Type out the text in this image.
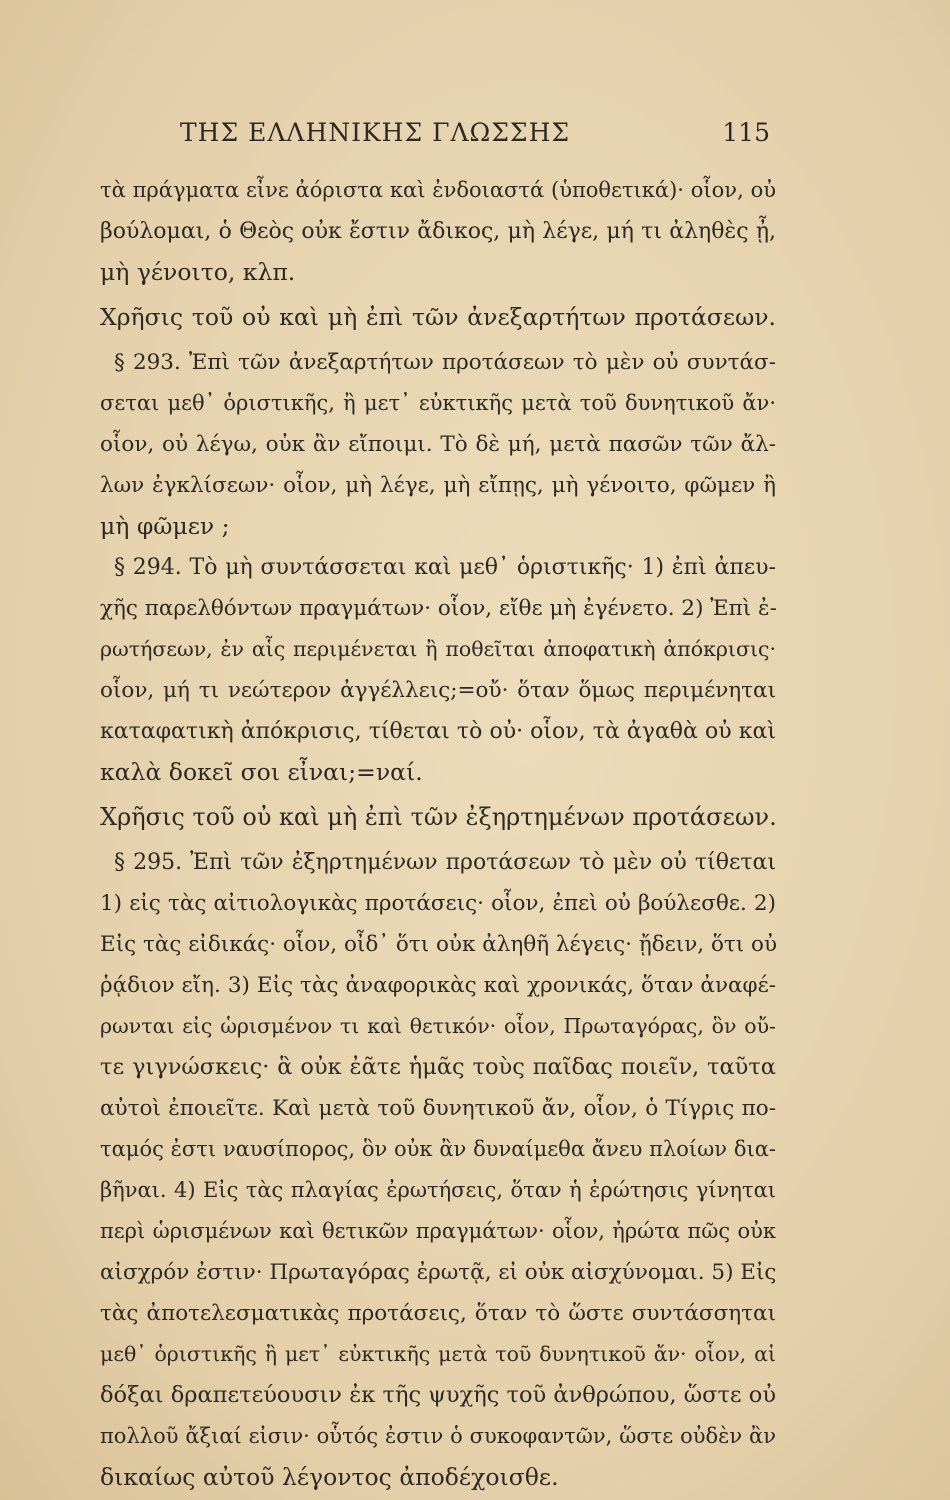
ΤΗΣ ΕΛΛΗΝΙΚΗΣ ΓΛΩΣΣΗΣ	115
τὰ πράγματα εἶνε ἀόριστα καὶ ἐνδοιαστά (ὑποθετικά)· οἷον, οὐ
βούλομαι, ὁ Θεὸς οὐκ ἔστιν ἄδικος, μὴ λέγε, μή τι ἀληθὲς ᾖ,
μὴ γένοιτο, κλπ.
Χρῆσις τοῦ οὐ καὶ μὴ ἐπὶ τῶν ἀνεξαρτήτων προτάσεων.
§ 293. Ἐπὶ τῶν ἀνεξαρτήτων προτάσεων τὸ μὲν οὐ συντάσ-
σεται μεθ᾽ ὁριστικῆς, ἢ μετ᾽ εὐκτικῆς μετὰ τοῦ δυνητικοῦ ἄν·
οἷον, οὐ λέγω, οὐκ ἂν εἴποιμι. Τὸ δὲ μή, μετὰ πασῶν τῶν ἄλ-
λων ἐγκλίσεων· οἷον, μὴ λέγε, μὴ εἴπῃς, μὴ γένοιτο, φῶμεν ἢ
μὴ φῶμεν ;
§ 294. Τὸ μὴ συντάσσεται καὶ μεθ᾽ ὁριστικῆς· 1) ἐπὶ ἀπευ-
χῆς παρελθόντων πραγμάτων· οἷον, εἴθε μὴ ἐγένετο. 2) Ἐπὶ ἐ-
ρωτήσεων, ἐν αἷς περιμένεται ἢ ποθεῖται ἀποφατικὴ ἀπόκρισις·
οἷον, μή τι νεώτερον ἀγγέλλεις;=οὔ· ὅταν ὅμως περιμένηται
καταφατικὴ ἀπόκρισις, τίθεται τὸ οὐ· οἷον, τὰ ἀγαθὰ οὐ καὶ
καλὰ δοκεῖ σοι εἶναι;=ναί.
Χρῆσις τοῦ οὐ καὶ μὴ ἐπὶ τῶν ἐξηρτημένων προτάσεων.
§ 295. Ἐπὶ τῶν ἐξηρτημένων προτάσεων τὸ μὲν οὐ τίθεται
1) εἰς τὰς αἰτιολογικὰς προτάσεις· οἷον, ἐπεὶ οὐ βούλεσθε. 2)
Εἰς τὰς εἰδικάς· οἷον, οἶδ᾽ ὅτι οὐκ ἀληθῆ λέγεις· ᾔδειν, ὅτι οὐ
ῥᾴδιον εἴη. 3) Εἰς τὰς ἀναφορικὰς καὶ χρονικάς, ὅταν ἀναφέ-
ρωνται εἰς ὡρισμένον τι καὶ θετικόν· οἷον, Πρωταγόρας, ὃν οὔ-
τε γιγνώσκεις· ἃ οὐκ ἐᾶτε ἡμᾶς τοὺς παῖδας ποιεῖν, ταῦτα
αὐτοὶ ἐποιεῖτε. Καὶ μετὰ τοῦ δυνητικοῦ ἄν, οἷον, ὁ Τίγρις πο-
ταμός ἐστι ναυσίπορος, ὃν οὐκ ἂν δυναίμεθα ἄνευ πλοίων δια-
βῆναι. 4) Εἰς τὰς πλαγίας ἐρωτήσεις, ὅταν ἡ ἐρώτησις γίνηται
περὶ ὡρισμένων καὶ θετικῶν πραγμάτων· οἷον, ἠρώτα πῶς οὐκ
αἰσχρόν ἐστιν· Πρωταγόρας ἐρωτᾷ, εἰ οὐκ αἰσχύνομαι. 5) Εἰς
τὰς ἀποτελεσματικὰς προτάσεις, ὅταν τὸ ὥστε συντάσσηται
μεθ᾽ ὁριστικῆς ἢ μετ᾽ εὐκτικῆς μετὰ τοῦ δυνητικοῦ ἄν· οἷον, αἱ
δόξαι δραπετεύουσιν ἐκ τῆς ψυχῆς τοῦ ἀνθρώπου, ὥστε οὐ
πολλοῦ ἄξιαί εἰσιν· οὗτός ἐστιν ὁ συκοφαντῶν, ὥστε οὐδὲν ἂν
δικαίως αὐτοῦ λέγοντος ἀποδέχοισθε.
